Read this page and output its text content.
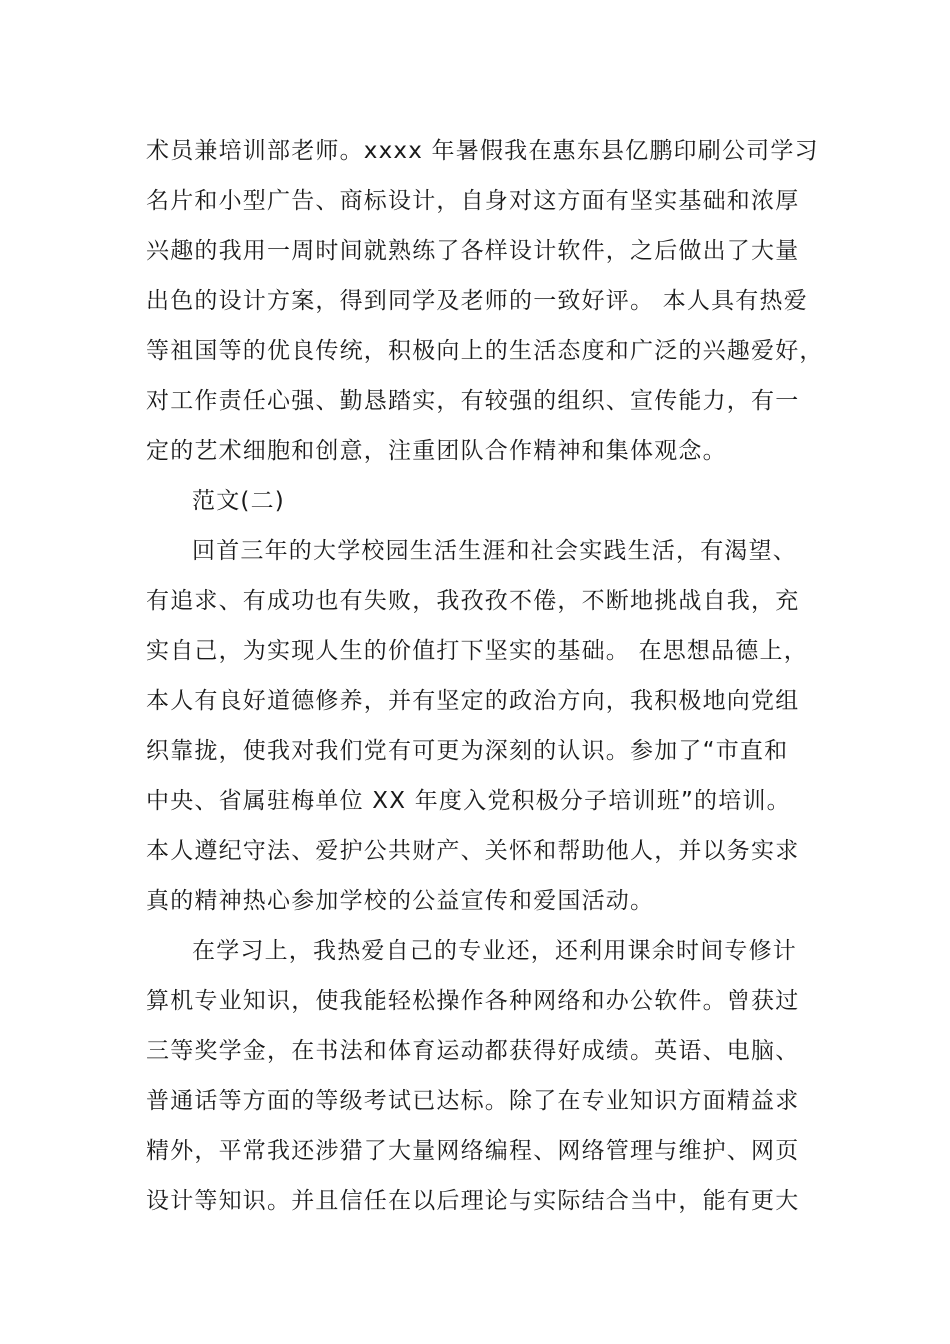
术员兼培训部老师。xxxx 年暑假我在惠东县亿鹏印刷公司学习
名片和小型广告、商标设计，自身对这方面有坚实基础和浓厚
兴趣的我用一周时间就熟练了各样设计软件，之后做出了大量
出色的设计方案，得到同学及老师的一致好评。 本人具有热爱
等祖国等的优良传统，积极向上的生活态度和广泛的兴趣爱好，
对工作责任心强、勤恳踏实，有较强的组织、宣传能力，有一
定的艺术细胞和创意，注重团队合作精神和集体观念。
范文(二)
回首三年的大学校园生活生涯和社会实践生活，有渴望、
有追求、有成功也有失败，我孜孜不倦，不断地挑战自我，充
实自己，为实现人生的价值打下坚实的基础。 在思想品德上，
本人有良好道德修养，并有坚定的政治方向，我积极地向党组
织靠拢，使我对我们党有可更为深刻的认识。参加了“市直和
中央、省属驻梅单位 XX 年度入党积极分子培训班”的培训。
本人遵纪守法、爱护公共财产、关怀和帮助他人，并以务实求
真的精神热心参加学校的公益宣传和爱国活动。
在学习上，我热爱自己的专业还，还利用课余时间专修计
算机专业知识，使我能轻松操作各种网络和办公软件。曾获过
三等奖学金，在书法和体育运动都获得好成绩。英语、电脑、
普通话等方面的等级考试已达标。除了在专业知识方面精益求
精外，平常我还涉猎了大量网络编程、网络管理与维护、网页
设计等知识。并且信任在以后理论与实际结合当中，能有更大
